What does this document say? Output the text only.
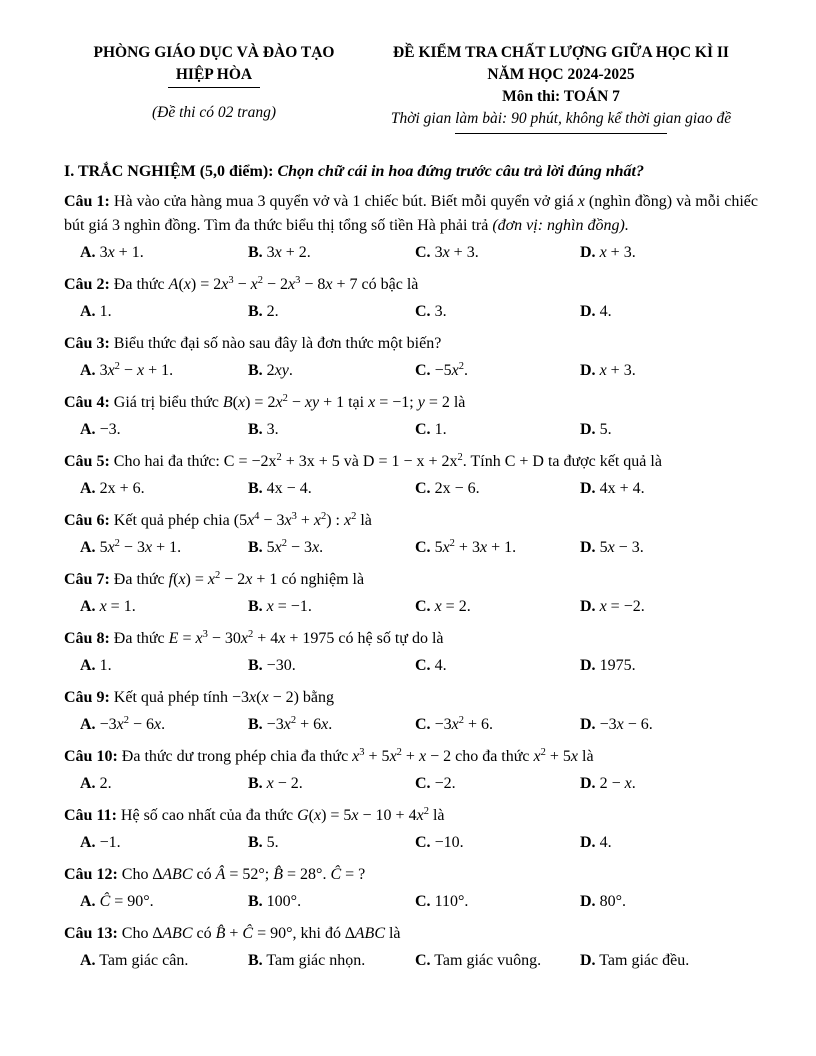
PHÒNG GIÁO DỤC VÀ ĐÀO TẠO
HIỆP HÒA
(Đề thi có 02 trang)
ĐỀ KIỂM TRA CHẤT LƯỢNG GIỮA HỌC KÌ II
NĂM HỌC 2024-2025
Môn thi: TOÁN 7
Thời gian làm bài: 90 phút, không kể thời gian giao đề
I. TRẮC NGHIỆM (5,0 điểm): Chọn chữ cái in hoa đứng trước câu trả lời đúng nhất?

Câu 1: Hà vào cửa hàng mua 3 quyển vở và 1 chiếc bút. Biết mỗi quyển vở giá x (nghìn đồng) và mỗi chiếc bút giá 3 nghìn đồng. Tìm đa thức biểu thị tổng số tiền Hà phải trả (đơn vị: nghìn đồng).

A. 3x + 1.	B. 3x + 2.	C. 3x + 3.	D. x + 3.

Câu 2: Đa thức $A(x) = 2x^3 - x^2 - 2x^3 - 8x + 7$ có bậc là

A. 1.	B. 2.	C. 3.	D. 4.

Câu 3: Biểu thức đại số nào sau đây là đơn thức một biến?

A. $3x^2 - x + 1$.	B. 2xy.	C. $-5x^2$.	D. x + 3.

Câu 4: Giá trị biểu thức $B(x) = 2x^2$ − xy + 1 tại x = −1; y = 2 là

A. −3.	B. 3.	C. 1.	D. 5.

Câu 5: Cho hai đa thức: $C = -2x^2 + 3x + 5$ và $D = 1 - x + 2x^2$. Tính C + D ta được kết quả là

A. 2x + 6.	B. 4x − 4.	C. 2x − 6.	D. 4x + 4.

Câu 6: Kết quả phép chia $(5x^4 - 3x^3 + x^2)$ : $x^2$ là

A. $5x^2 - 3x + 1$.	B. $5x^2 - 3x$.	C. $5x^2 + 3x + 1$.	D. 5x − 3.

Câu 7: Đa thức $f(x) = x^2 - 2x + 1$ có nghiệm là

A. x = 1.	B. x = −1.	C. x = 2.	D. x = −2.

Câu 8: Đa thức $E = x^3 - 30x^2 + 4x + 1975$ có hệ số tự do là

A. 1.	B. −30.	C. 4.	D. 1975.

Câu 9: Kết quả phép tính −3x(x − 2) bằng

A. $-3x^2 - 6x$.	B. $-3x^2 + 6x$.	C. $-3x^2 + 6$.	D. −3x − 6.

Câu 10: Đa thức dư trong phép chia đa thức $x^3 + 5x^2 + x - 2$ cho đa thức $x^2 + 5x$ là

A. 2.	B. x − 2.	C. −2.	D. 2 − x.

Câu 11: Hệ số cao nhất của đa thức $G(x) = 5x - 10 + 4x^2$ là

A. −1.	B. 5.	C. −10.	D. 4.

Câu 12: Cho ∆ABC có Â = 52°; B̂ = 28°. Ĉ = ?

A. Ĉ = 90°.	B. 100°.	C. 110°.	D. 80°.

Câu 13: Cho ∆ABC có B̂ + Ĉ = 90°, khi đó ∆ABC là

A. Tam giác cân.	B. Tam giác nhọn.	C. Tam giác vuông.	D. Tam giác đều.
